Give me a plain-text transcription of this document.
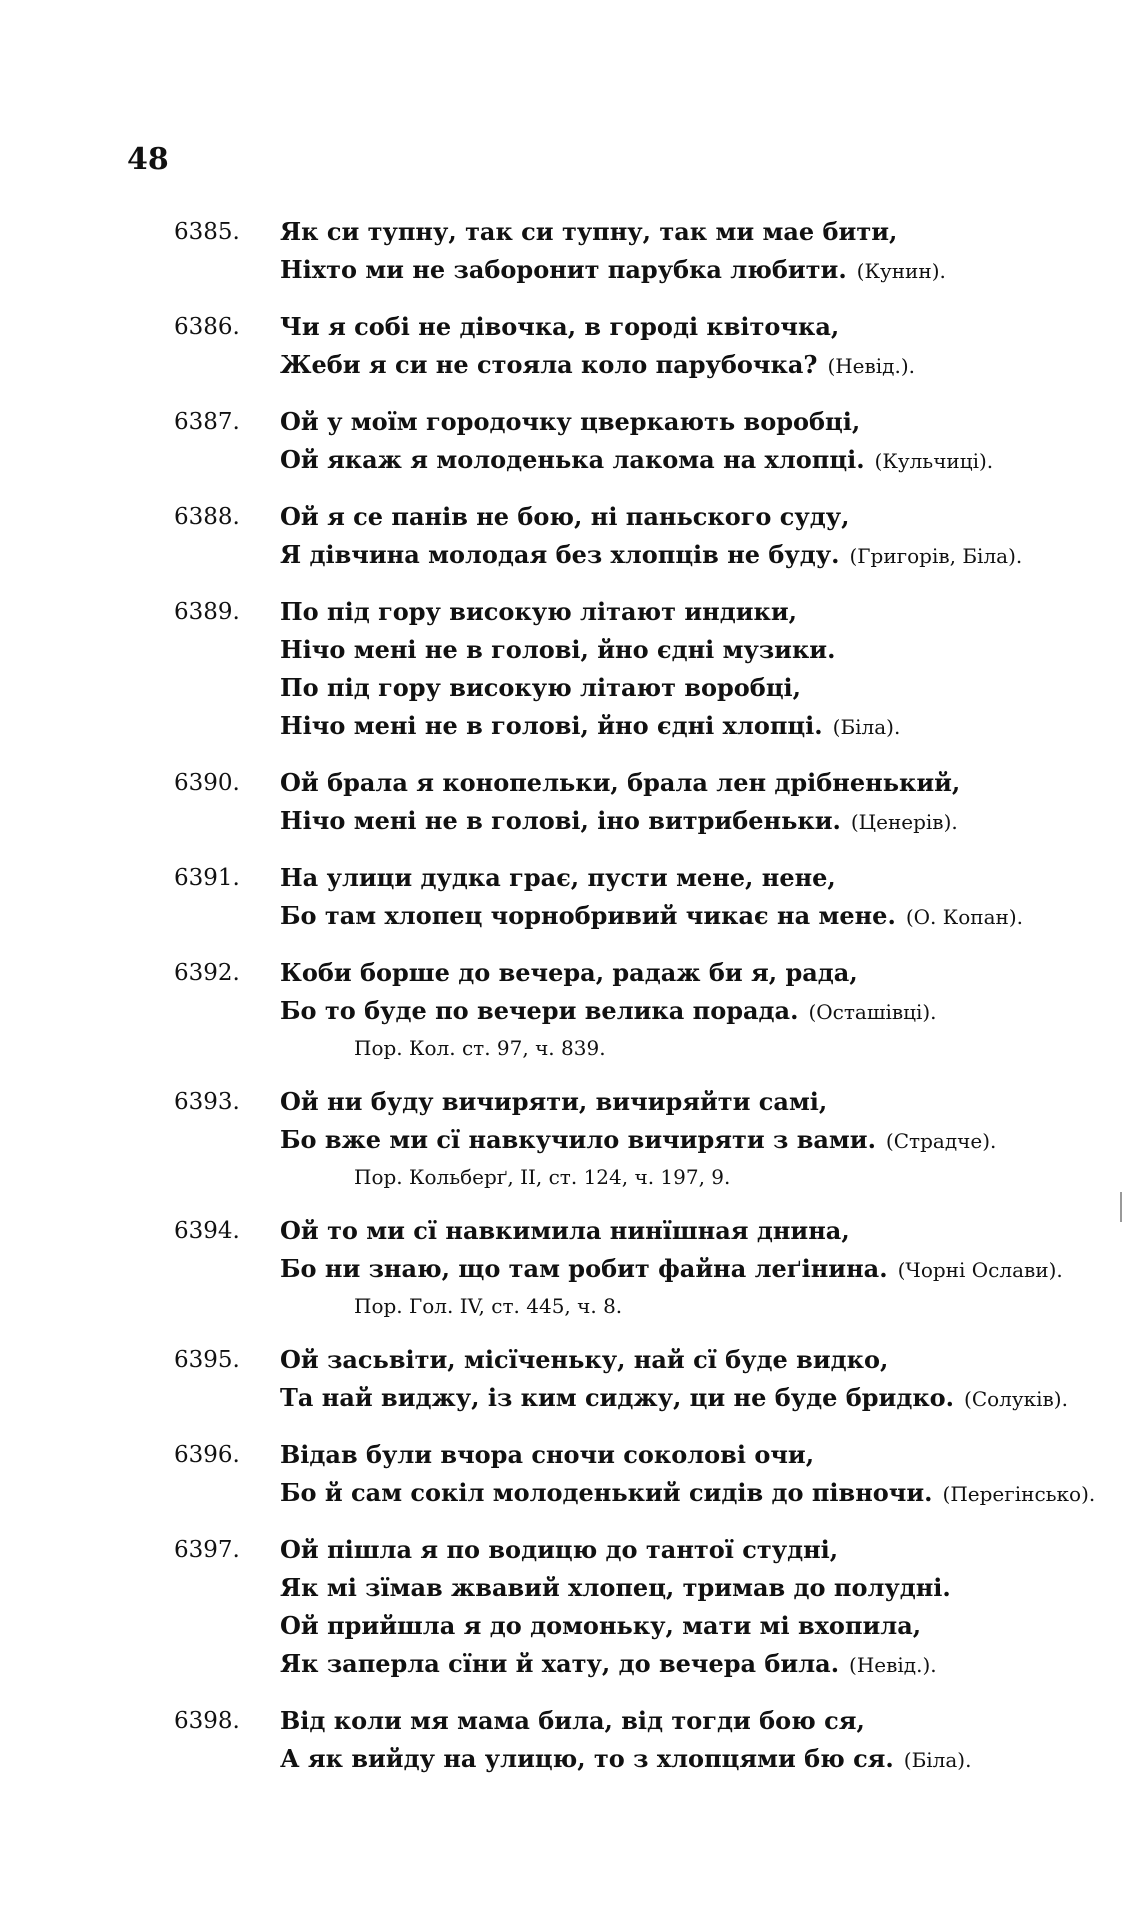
48
6385.	Як си тупну, так си тупну, так ми мае бити,
Ніхто ми не заборонит парубка любити. (Кунин).
6386.	Чи я собі не дівочка, в городі квіточка,
Жеби я си не стояла коло парубочка? (Невід.).
6387.	Ой у моїм городочку цверкають воробці,
Ой якаж я молоденька лакома на хлопці. (Кульчиці).
6388.	Ой я се панів не бою, ні паньского суду,
Я дівчина молодая без хлопців не буду. (Григорів, Біла).
6389.	По під гору високую літают индики,
Нічо мені не в голові, йно єдні музики.
По під гору високую літают воробці,
Нічо мені не в голові, йно єдні хлопці. (Біла).
6390.	Ой брала я конопельки, брала лен дрібненький,
Нічо мені не в голові, іно витрибеньки. (Ценерів).
6391.	На улици дудка грає, пусти мене, нене,
Бо там хлопец чорнобривий чикає на мене. (О. Копан).
6392.	Коби борше до вечера, радаж би я, рада,
Бо то буде по вечери велика порада. (Осташівці).
Пор. Кол. ст. 97, ч. 839.
6393.	Ой ни буду вичиряти, вичиряйти самі,
Бо вже ми сї навкучило вичиряти з вами. (Страдче).
Пор. Кольберґ, II, ст. 124, ч. 197, 9.
6394.	Ой то ми сї навкимила нинїшная днина,
Бо ни знаю, що там робит файна леґінина. (Чорні Ослави).
Пор. Гол. IV, ст. 445, ч. 8.
6395.	Ой засьвіти, місїченьку, най сї буде видко,
Та най виджу, із ким сиджу, ци не буде бридко. (Солуків).
6396.	Відав були вчора сночи соколові очи,
Бо й сам сокіл молоденький сидів до півночи. (Перегінсько).
6397.	Ой пішла я по водицю до тантої студні,
Як мі зїмав жвавий хлопец, тримав до полудні.
Ой прийшла я до домоньку, мати мі вхопила,
Як заперла сїни й хату, до вечера била. (Невід.).
6398.	Від коли мя мама била, від тогди бою ся,
А як вийду на улицю, то з хлопцями бю ся. (Біла).
